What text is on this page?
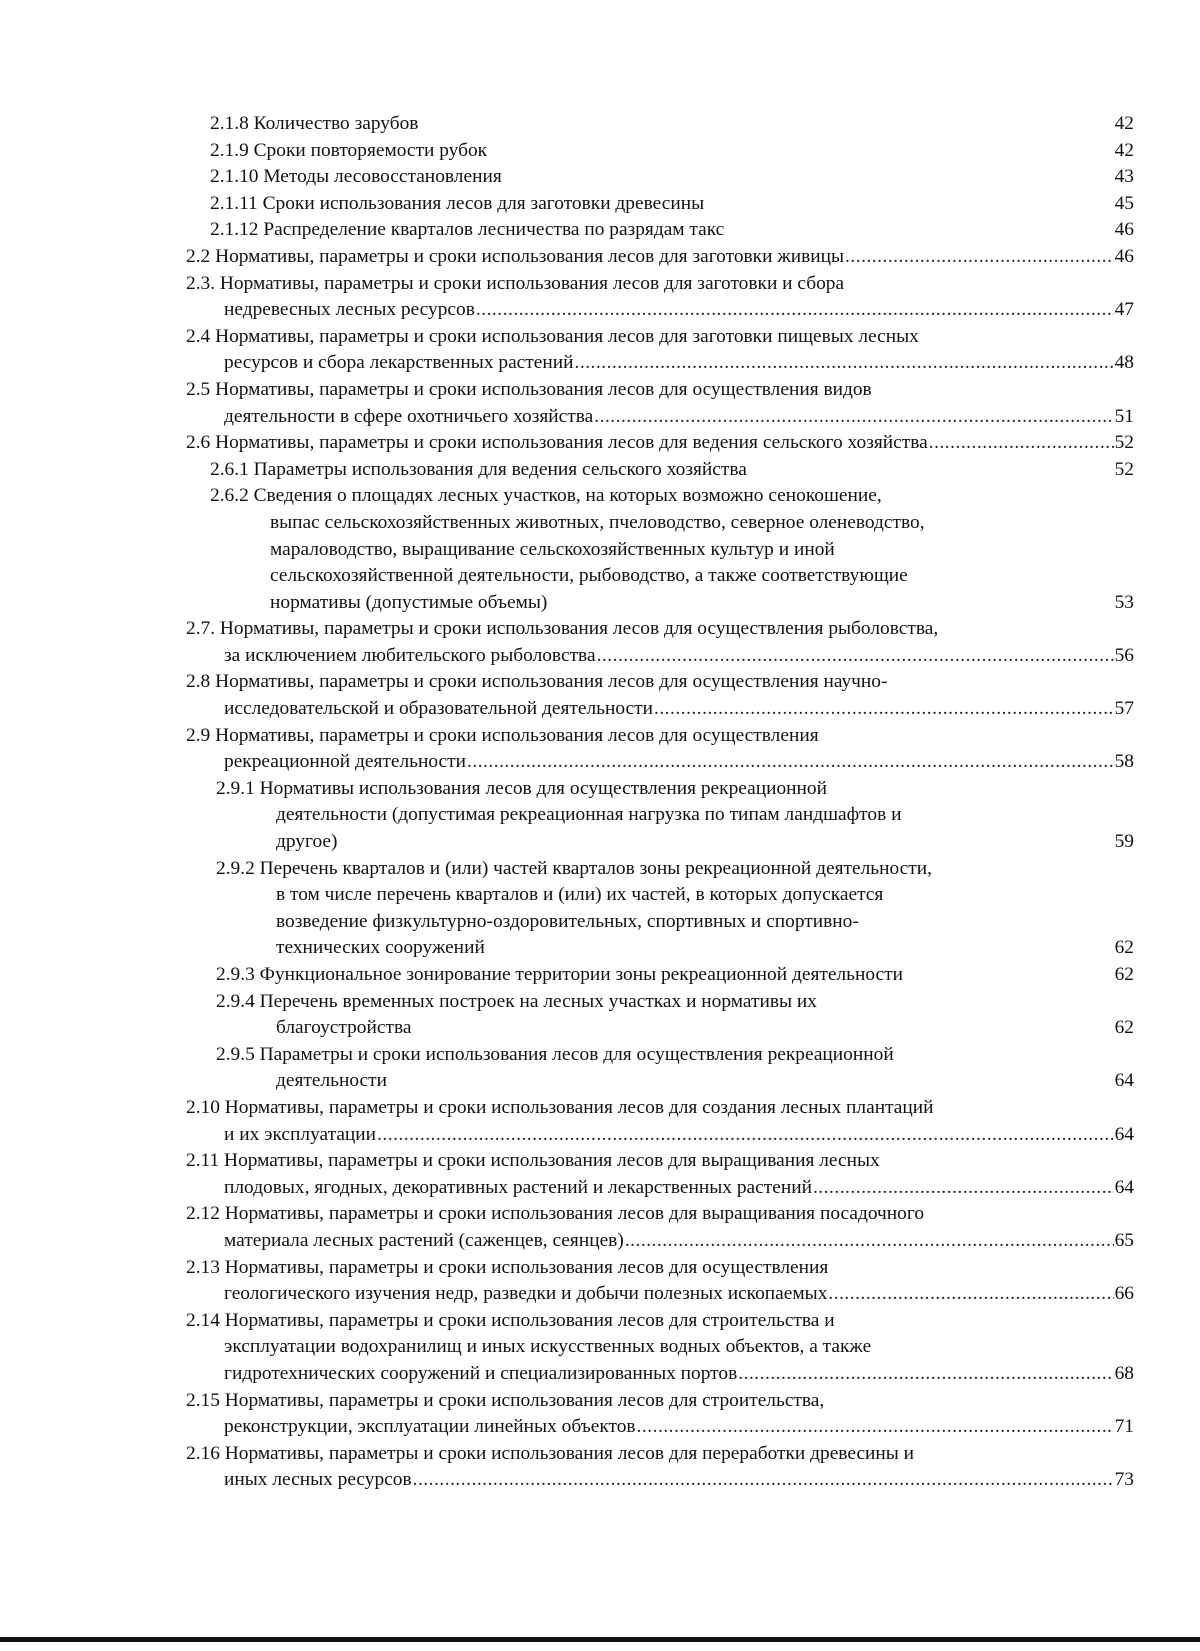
2.1.8 Количество зарубов	42
2.1.9 Сроки повторяемости рубок	42
2.1.10 Методы лесовосстановления	43
2.1.11 Сроки использования лесов для заготовки древесины	45
2.1.12 Распределение кварталов лесничества по разрядам такс	46
2.2 Нормативы, параметры и сроки использования лесов для заготовки живицы .....	46
2.3. Нормативы, параметры и сроки использования лесов для заготовки и сбора
недревесных лесных ресурсов .....	47
2.4 Нормативы, параметры и сроки использования лесов для заготовки пищевых лесных
ресурсов и сбора лекарственных растений .....	48
2.5 Нормативы, параметры и сроки использования лесов для осуществления видов
деятельности в сфере охотничьего хозяйства .....	51
2.6 Нормативы, параметры и сроки использования лесов для ведения сельского хозяйства .....	52
2.6.1 Параметры использования для ведения сельского хозяйства	52
2.6.2 Сведения о площадях лесных участков, на которых возможно сенокошение,
выпас сельскохозяйственных животных, пчеловодство, северное оленеводство,
мараловодство, выращивание сельскохозяйственных культур и иной
сельскохозяйственной деятельности, рыбоводство, а также соответствующие
нормативы (допустимые объемы)	53
2.7. Нормативы, параметры и сроки использования лесов для осуществления рыболовства,
за исключением любительского рыболовства .....	56
2.8 Нормативы, параметры и сроки использования лесов для осуществления научно-
исследовательской и образовательной деятельности .....	57
2.9 Нормативы, параметры и сроки использования лесов для осуществления
рекреационной деятельности .....	58
2.9.1 Нормативы использования лесов для осуществления рекреационной
деятельности (допустимая рекреационная нагрузка по типам ландшафтов и
другое)	59
2.9.2 Перечень кварталов и (или) частей кварталов зоны рекреационной деятельности,
в том числе перечень кварталов и (или) их частей, в которых допускается
возведение физкультурно-оздоровительных, спортивных и спортивно-
технических сооружений	62
2.9.3 Функциональное зонирование территории зоны рекреационной деятельности	62
2.9.4 Перечень временных построек на лесных участках и нормативы их
благоустройства	62
2.9.5 Параметры и сроки использования лесов для осуществления рекреационной
деятельности	64
2.10 Нормативы, параметры и сроки использования лесов для создания лесных плантаций
и их эксплуатации .....	64
2.11 Нормативы, параметры и сроки использования лесов для выращивания лесных
плодовых, ягодных, декоративных растений и лекарственных растений .....	64
2.12 Нормативы, параметры и сроки использования лесов для выращивания посадочного
материала лесных растений (саженцев, сеянцев) .....	65
2.13 Нормативы, параметры и сроки использования лесов для осуществления
геологического изучения недр, разведки и добычи полезных ископаемых .....	66
2.14 Нормативы, параметры и сроки использования лесов для строительства и
эксплуатации водохранилищ и иных искусственных водных объектов, а также
гидротехнических сооружений и специализированных портов .....	68
2.15 Нормативы, параметры и сроки использования лесов для строительства,
реконструкции, эксплуатации линейных объектов .....	71
2.16 Нормативы, параметры и сроки использования лесов для переработки древесины и
иных лесных ресурсов .....	73
